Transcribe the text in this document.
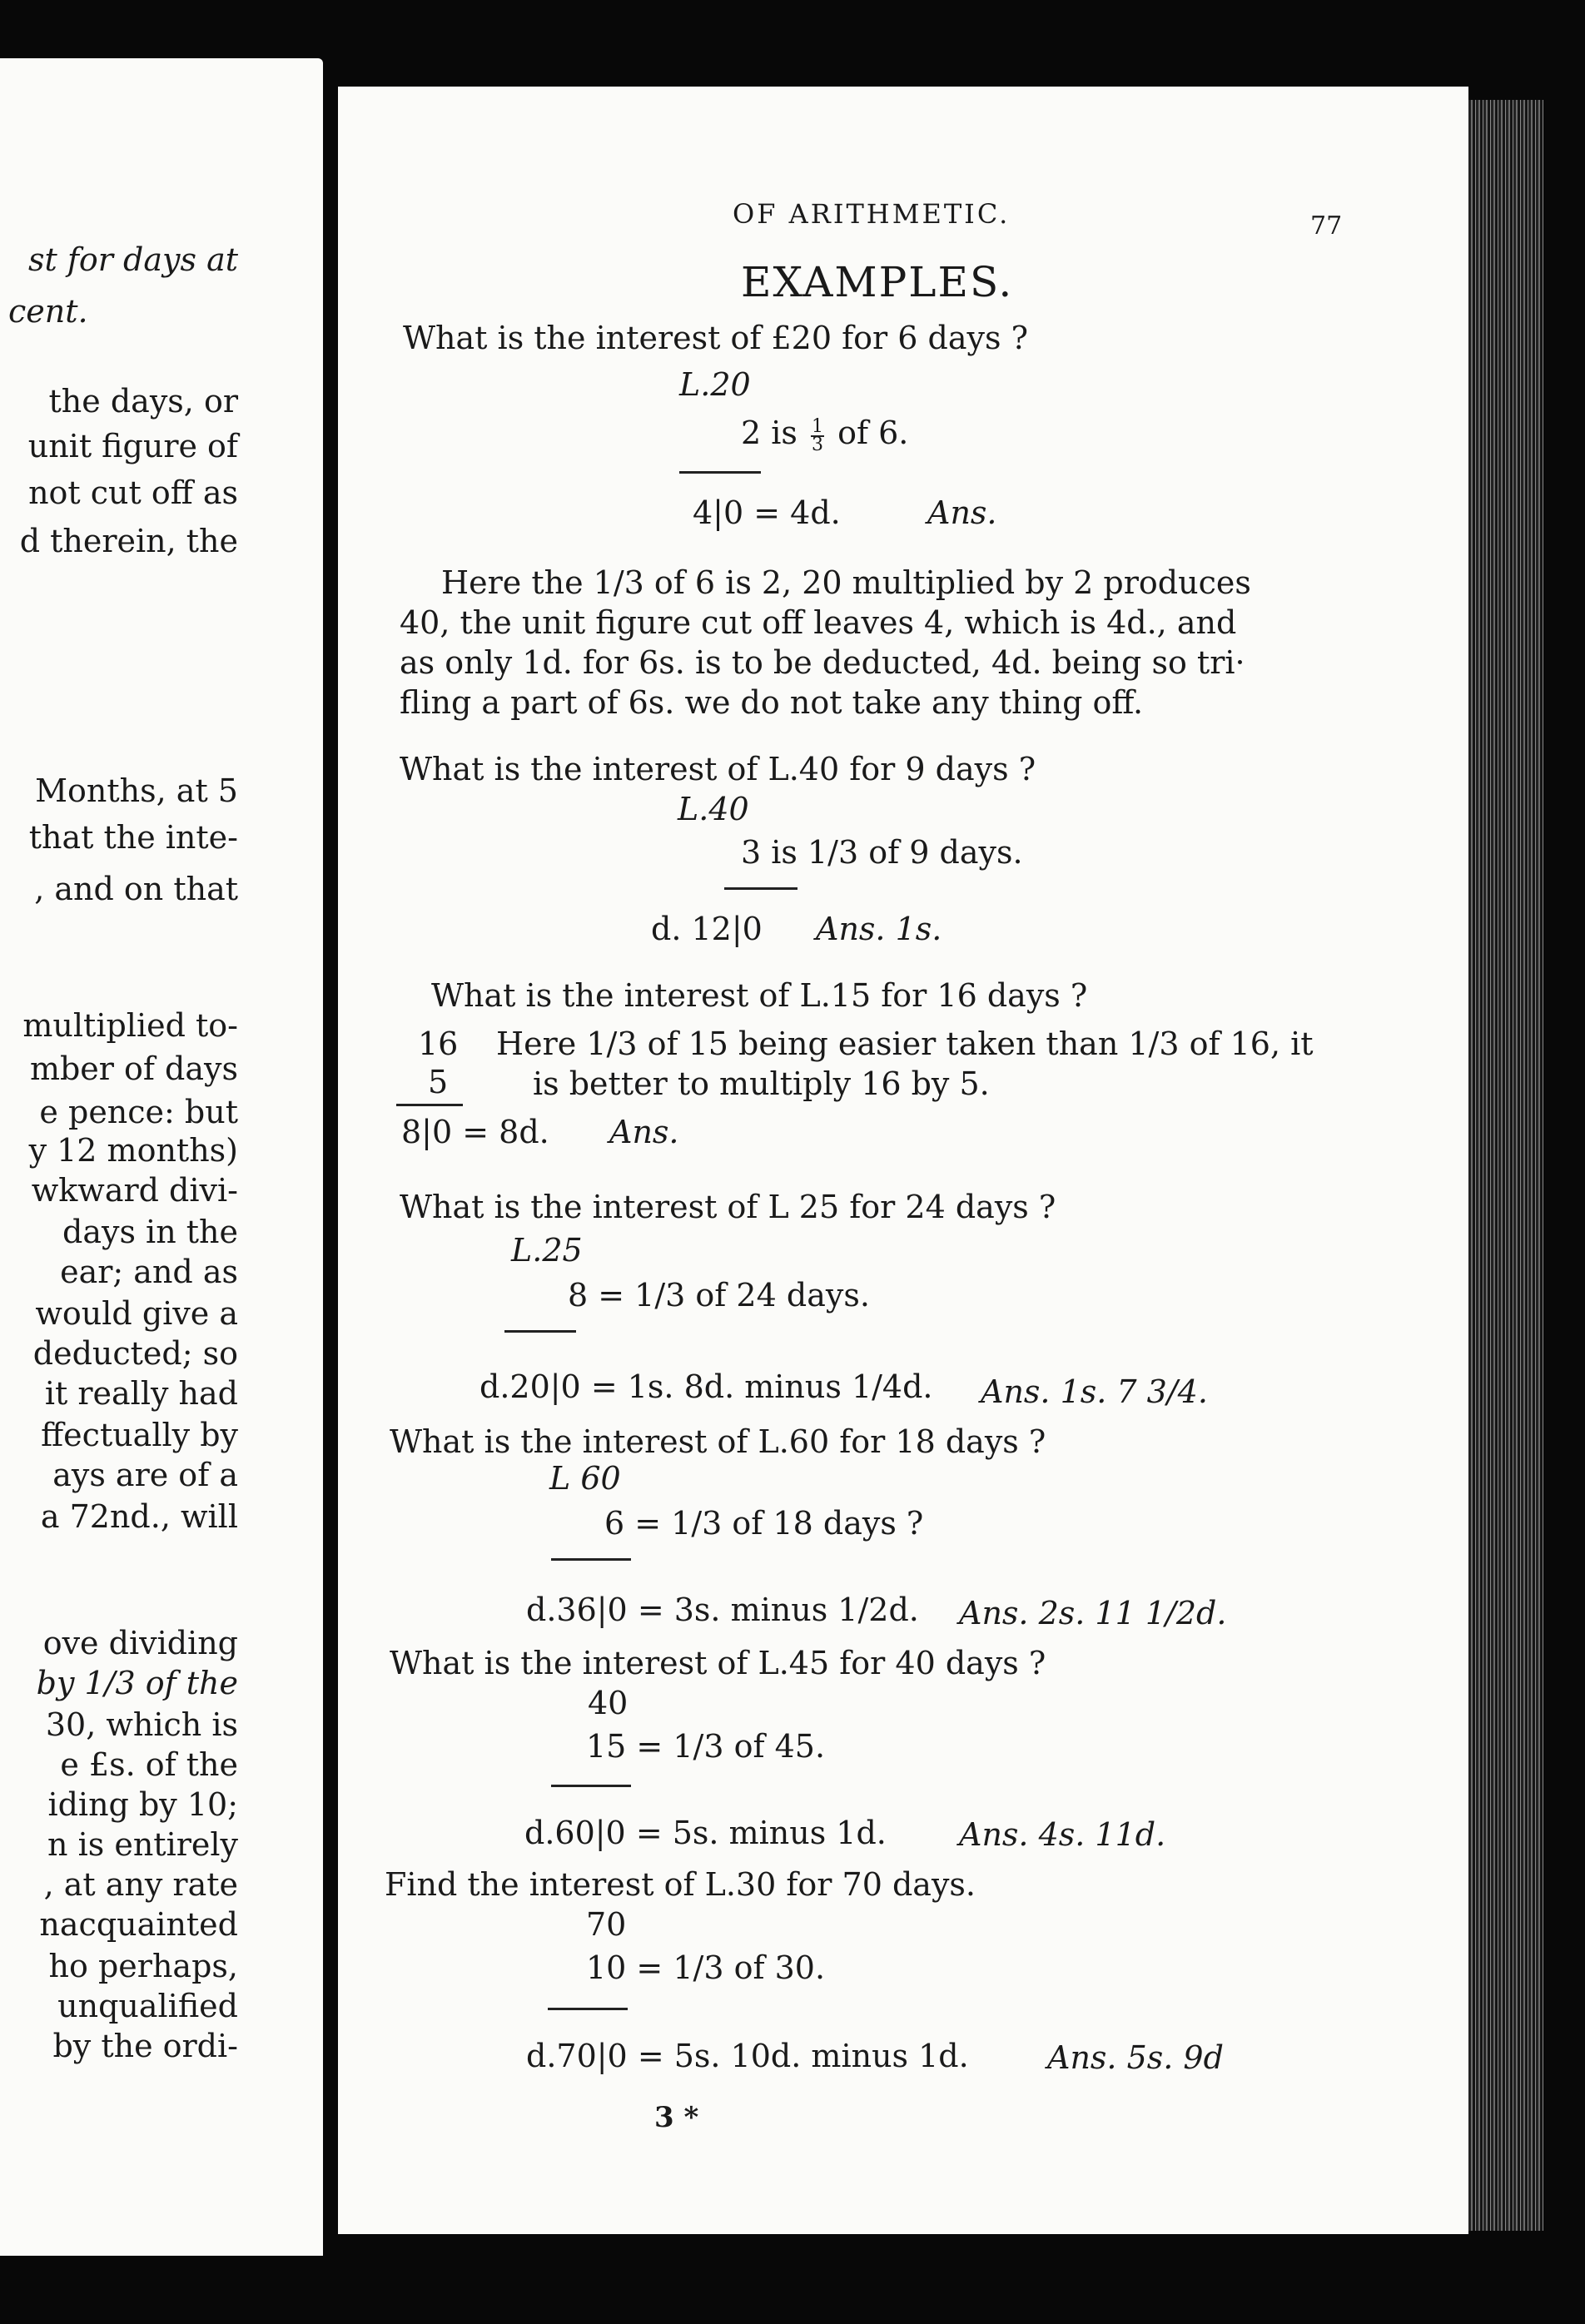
st for days at
cent.
the days, or
unit figure of
not cut off as
d therein, the
Months, at 5
that the inte-
, and on that
multiplied to-
mber of days
e pence: but
y 12 months)
wkward divi-
days in the
ear; and as
would give a
deducted; so
it really had
ffectually by
ays are of a
a 72nd., will
ove dividing
by 1/3 of the
30, which is
e £s. of the
iding by 10;
n is entirely
, at any rate
nacquainted
ho perhaps,
unqualified
by the ordi-
OF ARITHMETIC.	77
EXAMPLES.
What is the interest of £20 for 6 days ?
L.20
2 is $\frac{1}{3}$ of 6.
4|0 = 4d.	Ans.
Here the 1/3 of 6 is 2, 20 multiplied by 2 produces
40, the unit figure cut off leaves 4, which is 4d., and
as only 1d. for 6s. is to be deducted, 4d. being so tri·
fling a part of 6s. we do not take any thing off.
What is the interest of L.40 for 9 days ?
L.40
3 is 1/3 of 9 days.
d. 12|0 Ans. 1s.
What is the interest of L.15 for 16 days ?
16
5
Here 1/3 of 15 being easier taken than 1/3 of 16, it
is better to multiply 16 by 5.
8|0 = 8d. Ans.
What is the interest of L 25 for 24 days ?
L.25
8 = 1/3 of 24 days.
d.20|0 = 1s. 8d. minus 1/4d. Ans. 1s. 7 3/4.
What is the interest of L.60 for 18 days ?
L 60
6 = 1/3 of 18 days ?
d.36|0 = 3s. minus 1/2d. Ans. 2s. 11 1/2d.
What is the interest of L.45 for 40 days ?
40
15 = 1/3 of 45.
d.60|0 = 5s. minus 1d. Ans. 4s. 11d.
Find the interest of L.30 for 70 days.
70
10 = 1/3 of 30.
d.70|0 = 5s. 10d. minus 1d. Ans. 5s. 9d
3 *
